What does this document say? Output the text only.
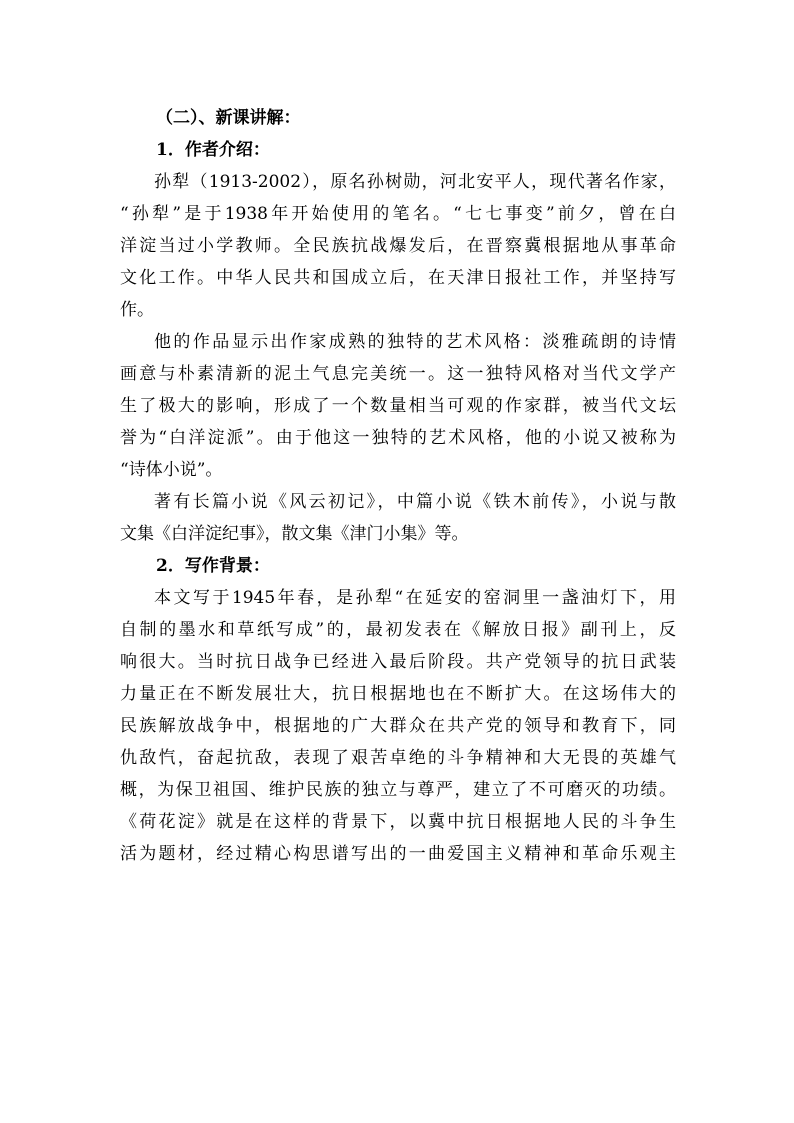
（二）、新课讲解：

1．作者介绍：

孙犁（1913-2002），原名孙树勋，河北安平人，现代著名作家，
“孙犁”是于1938年开始使用的笔名。“七七事变”前夕，曾在白
洋淀当过小学教师。全民族抗战爆发后，在晋察冀根据地从事革命
文化工作。中华人民共和国成立后，在天津日报社工作，并坚持写
作。

他的作品显示出作家成熟的独特的艺术风格：淡雅疏朗的诗情
画意与朴素清新的泥土气息完美统一。这一独特风格对当代文学产
生了极大的影响，形成了一个数量相当可观的作家群，被当代文坛
誉为“白洋淀派”。由于他这一独特的艺术风格，他的小说又被称为
“诗体小说”。

著有长篇小说《风云初记》，中篇小说《铁木前传》，小说与散
文集《白洋淀纪事》，散文集《津门小集》等。

2．写作背景：

本文写于1945年春，是孙犁“在延安的窑洞里一盏油灯下，用
自制的墨水和草纸写成”的，最初发表在《解放日报》副刊上，反
响很大。当时抗日战争已经进入最后阶段。共产党领导的抗日武装
力量正在不断发展壮大，抗日根据地也在不断扩大。在这场伟大的
民族解放战争中，根据地的广大群众在共产党的领导和教育下，同
仇敌忾，奋起抗敌，表现了艰苦卓绝的斗争精神和大无畏的英雄气
概，为保卫祖国、维护民族的独立与尊严，建立了不可磨灭的功绩。
《荷花淀》就是在这样的背景下，以冀中抗日根据地人民的斗争生
活为题材，经过精心构思谱写出的一曲爱国主义精神和革命乐观主
